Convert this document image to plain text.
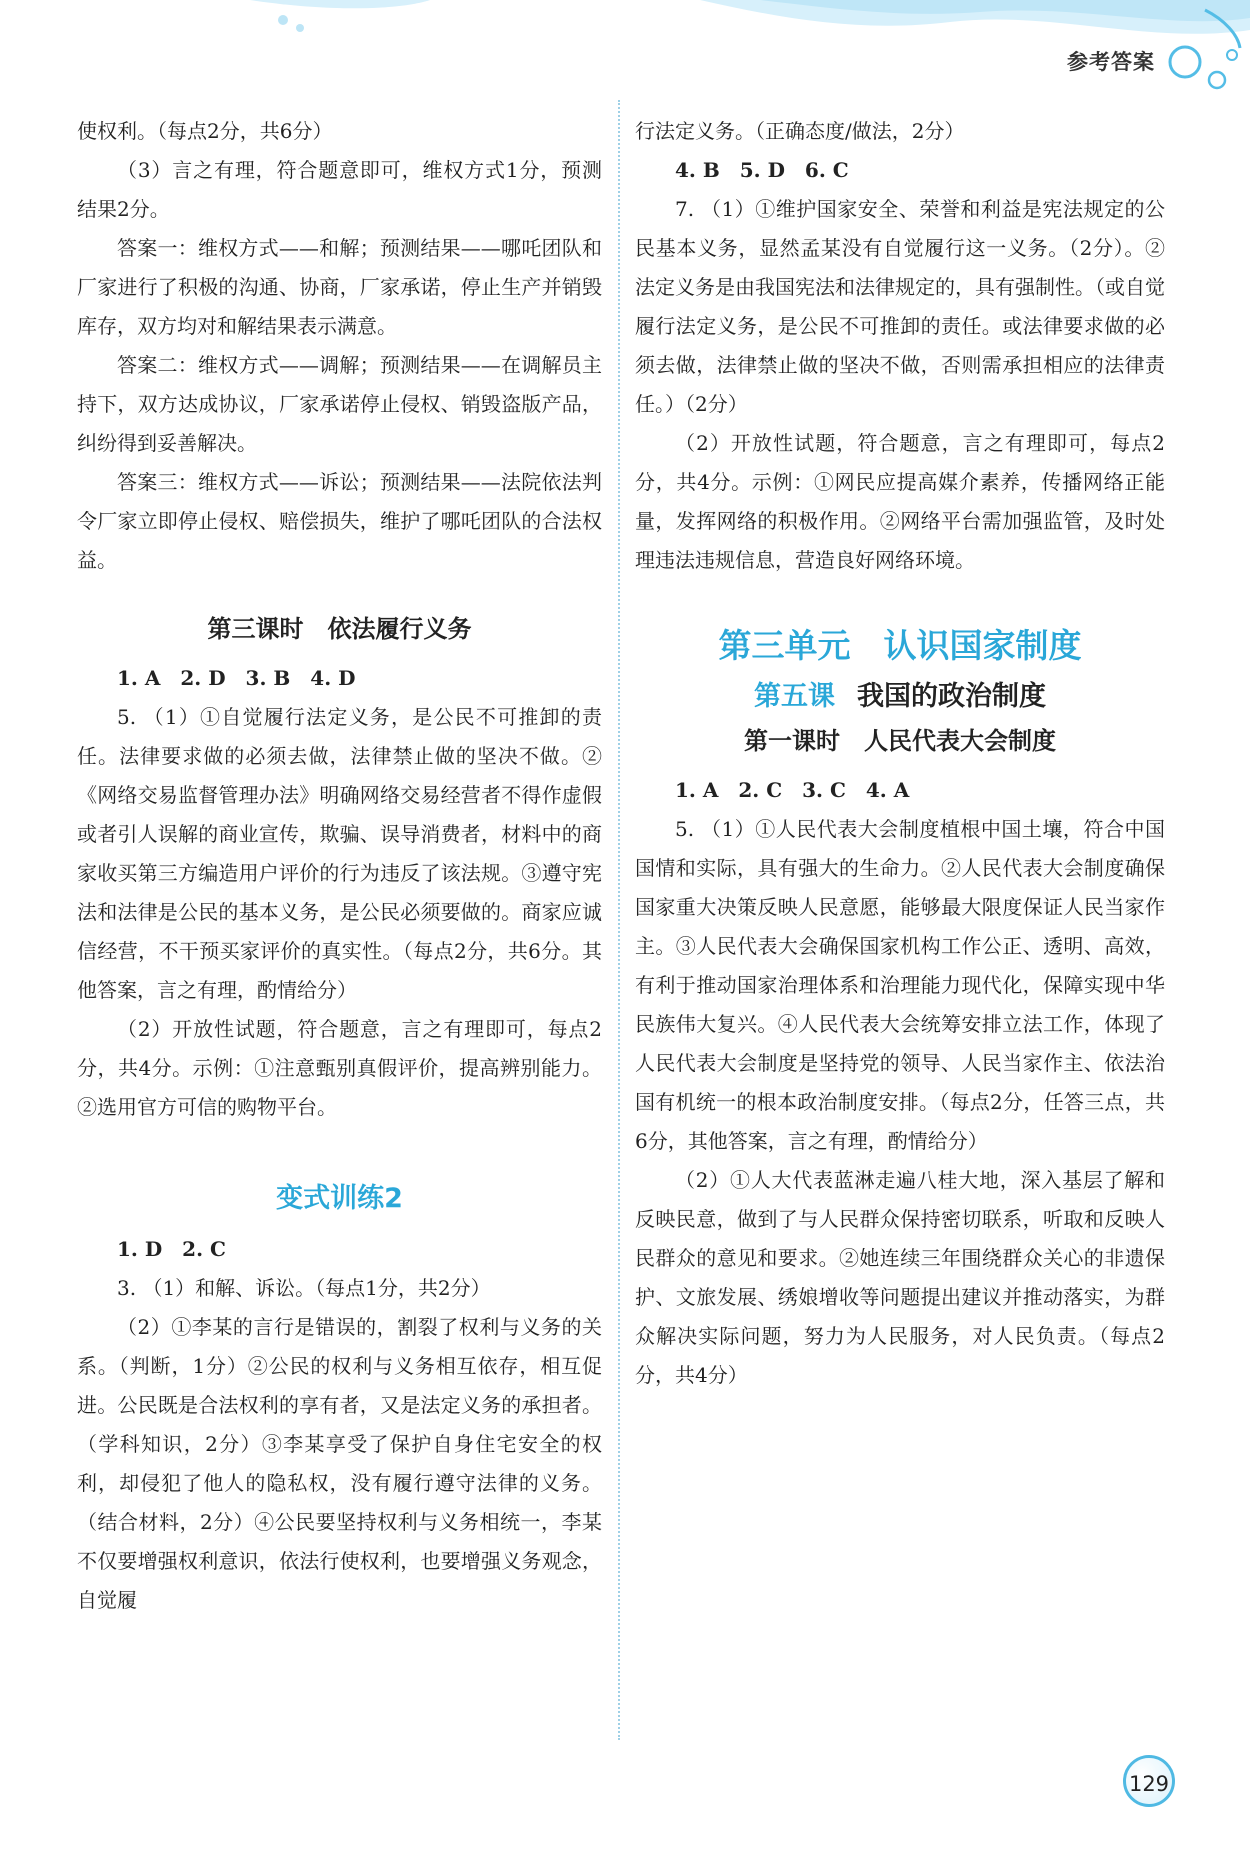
参考答案

使权利。（每点2分，共6分）

（3）言之有理，符合题意即可，维权方式1分，预测结果2分。

答案一：维权方式——和解；预测结果——哪吒团队和厂家进行了积极的沟通、协商，厂家承诺，停止生产并销毁库存，双方均对和解结果表示满意。

答案二：维权方式——调解；预测结果——在调解员主持下，双方达成协议，厂家承诺停止侵权、销毁盗版产品，纠纷得到妥善解决。

答案三：维权方式——诉讼；预测结果——法院依法判令厂家立即停止侵权、赔偿损失，维护了哪吒团队的合法权益。

第三课时　依法履行义务

1. A　2. D　3. B　4. D

5. （1）①自觉履行法定义务，是公民不可推卸的责任。法律要求做的必须去做，法律禁止做的坚决不做。②《网络交易监督管理办法》明确网络交易经营者不得作虚假或者引人误解的商业宣传，欺骗、误导消费者，材料中的商家收买第三方编造用户评价的行为违反了该法规。③遵守宪法和法律是公民的基本义务，是公民必须要做的。商家应诚信经营，不干预买家评价的真实性。（每点2分，共6分。其他答案，言之有理，酌情给分）

（2）开放性试题，符合题意，言之有理即可，每点2分，共4分。示例：①注意甄别真假评价，提高辨别能力。②选用官方可信的购物平台。

变式训练2

1. D　2. C

3. （1）和解、诉讼。（每点1分，共2分）

（2）①李某的言行是错误的，割裂了权利与义务的关系。（判断，1分）②公民的权利与义务相互依存，相互促进。公民既是合法权利的享有者，又是法定义务的承担者。（学科知识，2分）③李某享受了保护自身住宅安全的权利，却侵犯了他人的隐私权，没有履行遵守法律的义务。（结合材料，2分）④公民要坚持权利与义务相统一，李某不仅要增强权利意识，依法行使权利，也要增强义务观念，自觉履

行法定义务。（正确态度/做法，2分）

4. B　5. D　6. C

7. （1）①维护国家安全、荣誉和利益是宪法规定的公民基本义务，显然孟某没有自觉履行这一义务。（2分）。②法定义务是由我国宪法和法律规定的，具有强制性。（或自觉履行法定义务，是公民不可推卸的责任。或法律要求做的必须去做，法律禁止做的坚决不做，否则需承担相应的法律责任。）（2分）

（2）开放性试题，符合题意，言之有理即可，每点2分，共4分。示例：①网民应提高媒介素养，传播网络正能量，发挥网络的积极作用。②网络平台需加强监管，及时处理违法违规信息，营造良好网络环境。

第三单元　认识国家制度
第五课 我国的政治制度
第一课时　人民代表大会制度

1. A　2. C　3. C　4. A

5. （1）①人民代表大会制度植根中国土壤，符合中国国情和实际，具有强大的生命力。②人民代表大会制度确保国家重大决策反映人民意愿，能够最大限度保证人民当家作主。③人民代表大会确保国家机构工作公正、透明、高效，有利于推动国家治理体系和治理能力现代化，保障实现中华民族伟大复兴。④人民代表大会统筹安排立法工作，体现了人民代表大会制度是坚持党的领导、人民当家作主、依法治国有机统一的根本政治制度安排。（每点2分，任答三点，共6分，其他答案，言之有理，酌情给分）

（2）①人大代表蓝淋走遍八桂大地，深入基层了解和反映民意，做到了与人民群众保持密切联系，听取和反映人民群众的意见和要求。②她连续三年围绕群众关心的非遗保护、文旅发展、绣娘增收等问题提出建议并推动落实，为群众解决实际问题，努力为人民服务，对人民负责。（每点2分，共4分）

129
